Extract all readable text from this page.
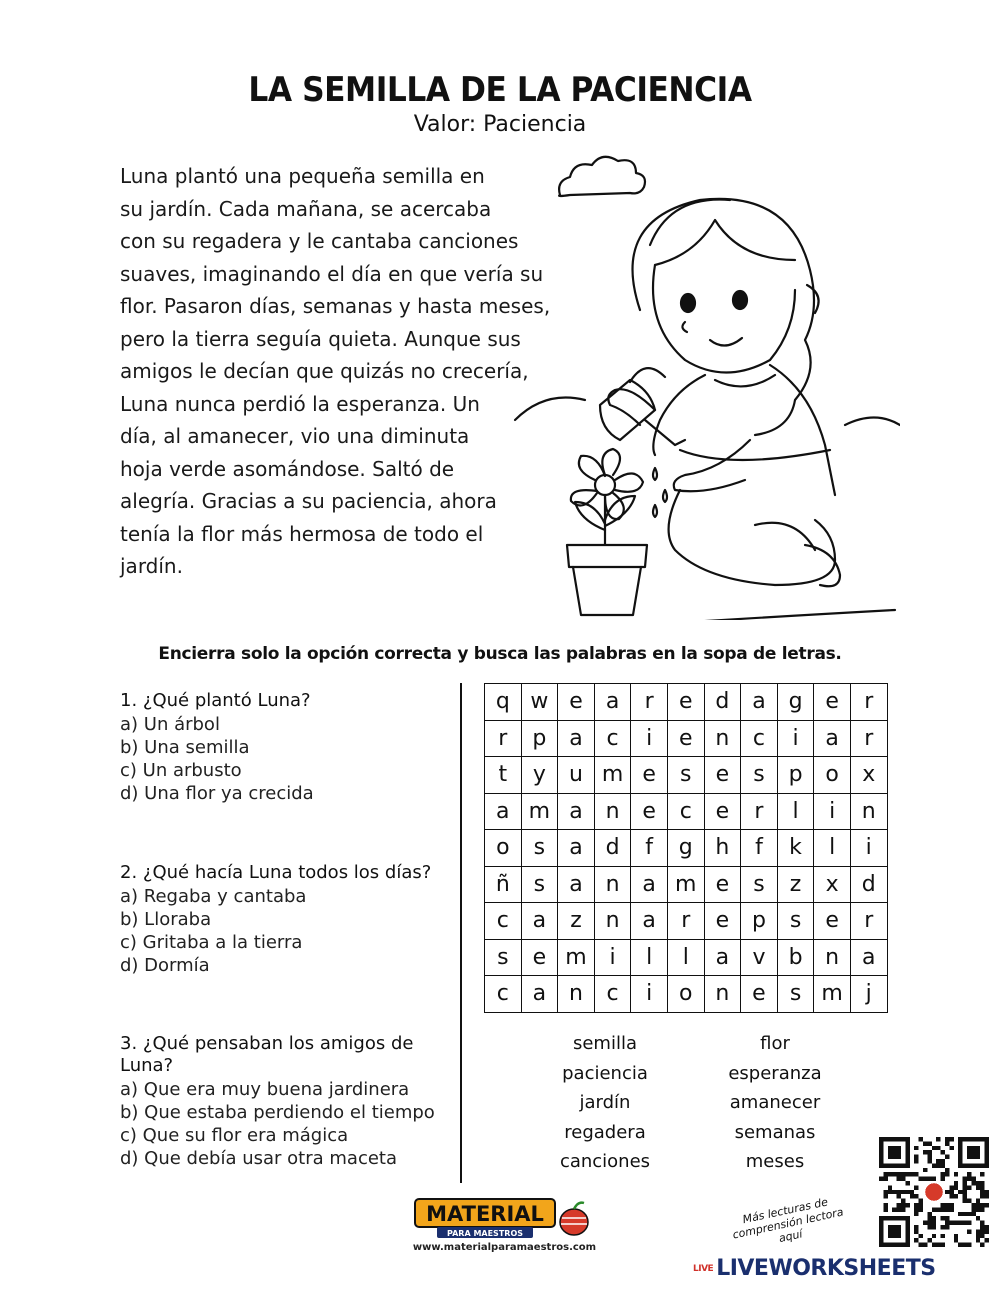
LA SEMILLA DE LA PACIENCIA
Valor: Paciencia
Luna plantó una pequeña semilla en
su jardín. Cada mañana, se acercaba
con su regadera y le cantaba canciones
suaves, imaginando el día en que vería su
flor. Pasaron días, semanas y hasta meses,
pero la tierra seguía quieta. Aunque sus
amigos le decían que quizás no crecería,
Luna nunca perdió la esperanza. Un
día, al amanecer, vio una diminuta
hoja verde asomándose. Saltó de
alegría. Gracias a su paciencia, ahora
tenía la flor más hermosa de todo el
jardín.
Encierra solo la opción correcta y busca las palabras en la sopa de letras.
1. ¿Qué plantó Luna?
a) Un árbol
b) Una semilla
c) Un arbusto
d) Una flor ya crecida
2. ¿Qué hacía Luna todos los días?
a) Regaba y cantaba
b) Lloraba
c) Gritaba a la tierra
d) Dormía
3. ¿Qué pensaban los amigos de Luna?
a) Que era muy buena jardinera
b) Que estaba perdiendo el tiempo
c) Que su flor era mágica
d) Que debía usar otra maceta
q	w	e	a	r	e	d	a	g	e	r
r	p	a	c	i	e	n	c	i	a	r
t	y	u	m	e	s	e	s	p	o	x
a	m	a	n	e	c	e	r	l	i	n
o	s	a	d	f	g	h	f	k	l	i
ñ	s	a	n	a	m	e	s	z	x	d
c	a	z	n	a	r	e	p	s	e	r
s	e	m	i	l	l	a	v	b	n	a
c	a	n	c	i	o	n	e	s	m	j
semilla
paciencia
jardín
regadera
canciones
flor
esperanza
amanecer
semanas
meses
MATERIAL
PARA MAESTROS
www.materialparamaestros.com
Más lecturas de comprensión lectora aquí
LIVE LIVEWORKSHEETS
